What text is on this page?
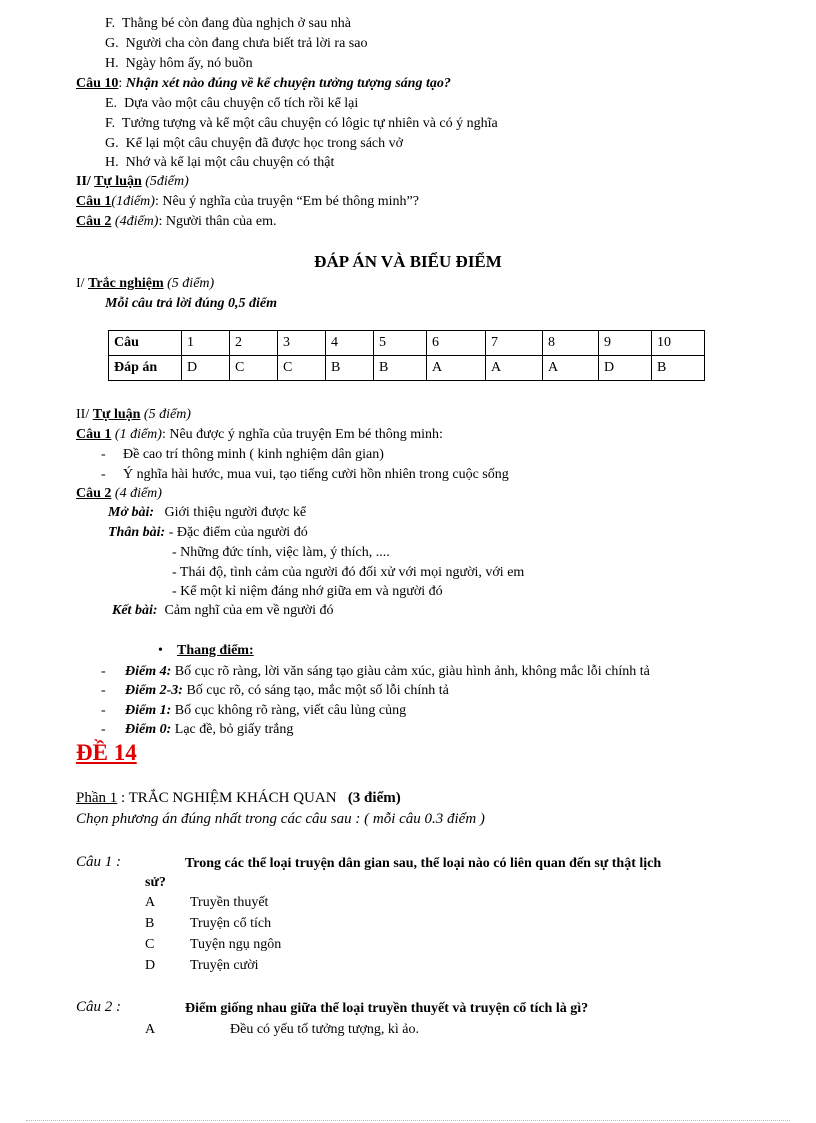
F. Thằng bé còn đang đùa nghịch ở sau nhà
G. Người cha còn đang chưa biết trả lời ra sao
H. Ngày hôm ấy, nó buồn
Câu 10: Nhận xét nào đúng về kể chuyện tưởng tượng sáng tạo?
E. Dựa vào một câu chuyện cổ tích rồi kể lại
F. Tưởng tượng và kể một câu chuyện có lôgic tự nhiên và có ý nghĩa
G. Kể lại một câu chuyện đã được học trong sách vở
H. Nhớ và kể lại một câu chuyện có thật
II/ Tự luận (5điểm)
Câu 1(1điểm): Nêu ý nghĩa của truyện “Em bé thông minh”?
Câu 2 (4điểm): Người thân của em.
ĐÁP ÁN VÀ BIỂU ĐIỂM
I/ Trắc nghiệm (5 điểm)
Mỗi câu trả lời đúng 0,5 điểm
Câu	1	2	3	4	5	6	7	8	9	10
Đáp án	D	C	C	B	B	A	A	A	D	B
II/ Tự luận (5 điểm)
Câu 1 (1 điểm): Nêu được ý nghĩa của truyện Em bé thông minh:
- Đề cao trí thông minh ( kinh nghiệm dân gian)
- Ý nghĩa hài hước, mua vui, tạo tiếng cười hồn nhiên trong cuộc sống
Câu 2 (4 điểm)
Mở bài: Giới thiệu người được kể
Thân bài: - Đặc điểm của người đó
- Những đức tính, việc làm, ý thích, ....
- Thái độ, tình cảm của người đó đối xử với mọi người, với em
- Kể một kỉ niệm đáng nhớ giữa em và người đó
Kết bài: Cảm nghĩ của em về người đó
• Thang điểm:
- Điểm 4: Bố cục rõ ràng, lời văn sáng tạo giàu cảm xúc, giàu hình ảnh, không mắc lỗi chính tả
- Điểm 2-3: Bố cục rõ, có sáng tạo, mắc một số lỗi chính tả
- Điểm 1: Bố cục không rõ ràng, viết câu lủng củng
- Điểm 0: Lạc đề, bỏ giấy trắng
ĐỀ 14
Phần 1 : TRẮC NGHIỆM KHÁCH QUAN (3 điểm)
Chọn phương án đúng nhất trong các câu sau : ( mỗi câu 0.3 điểm )
Câu 1 :	Trong các thể loại truyện dân gian sau, thể loại nào có liên quan đến sự thật lịch
sử?
A Truyền thuyết
B	Truyện cổ tích
C	Tuyện ngụ ngôn
D Truyện cười
Câu 2 :	Điểm giống nhau giữa thể loại truyền thuyết và truyện cổ tích là gì?
A	Đều có yếu tố tưởng tượng, kì ảo.
